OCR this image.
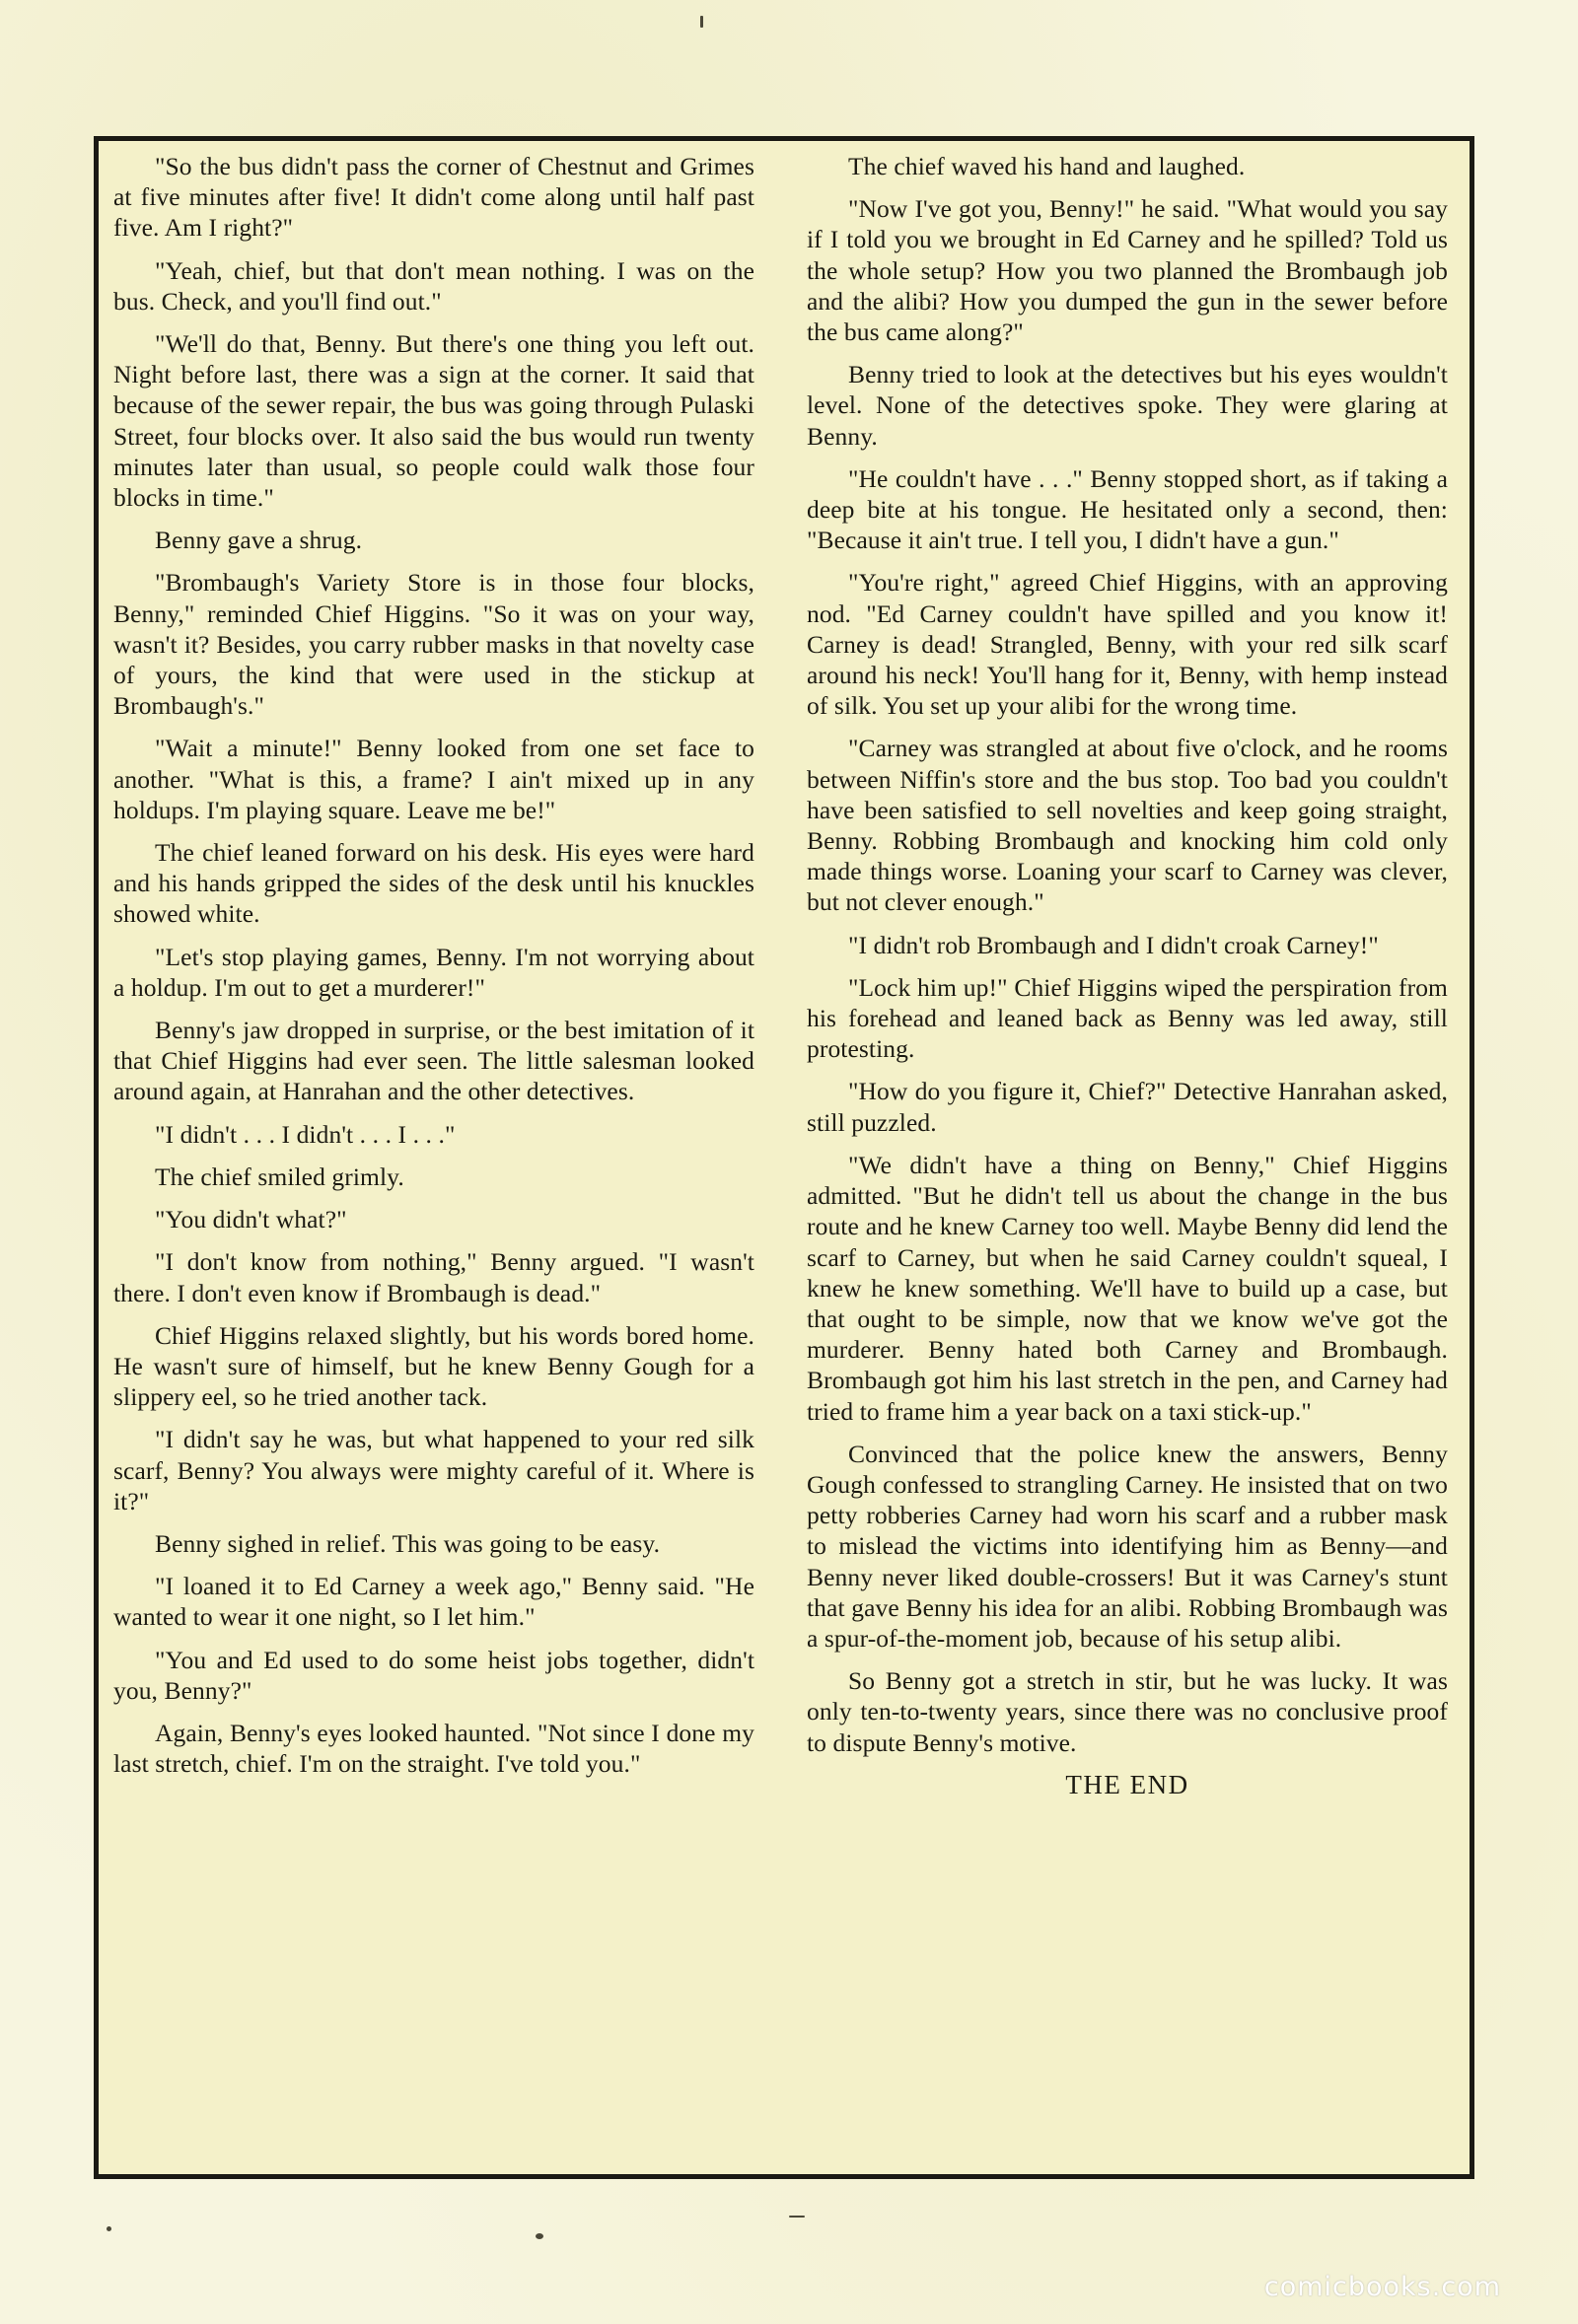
"So the bus didn't pass the corner of Chestnut and Grimes at five minutes after five! It didn't come along until half past five. Am I right?"

"Yeah, chief, but that don't mean nothing. I was on the bus. Check, and you'll find out."

"We'll do that, Benny. But there's one thing you left out. Night before last, there was a sign at the corner. It said that because of the sewer repair, the bus was going through Pulaski Street, four blocks over. It also said the bus would run twenty minutes later than usual, so people could walk those four blocks in time."

Benny gave a shrug.

"Brombaugh's Variety Store is in those four blocks, Benny," reminded Chief Higgins. "So it was on your way, wasn't it? Besides, you carry rubber masks in that novelty case of yours, the kind that were used in the stickup at Brombaugh's."

"Wait a minute!" Benny looked from one set face to another. "What is this, a frame? I ain't mixed up in any holdups. I'm playing square. Leave me be!"

The chief leaned forward on his desk. His eyes were hard and his hands gripped the sides of the desk until his knuckles showed white.

"Let's stop playing games, Benny. I'm not worrying about a holdup. I'm out to get a murderer!"

Benny's jaw dropped in surprise, or the best imitation of it that Chief Higgins had ever seen. The little salesman looked around again, at Hanrahan and the other detectives.

"I didn't . . . I didn't . . . I . . ."

The chief smiled grimly.

"You didn't what?"

"I don't know from nothing," Benny argued. "I wasn't there. I don't even know if Brombaugh is dead."

Chief Higgins relaxed slightly, but his words bored home. He wasn't sure of himself, but he knew Benny Gough for a slippery eel, so he tried another tack.

"I didn't say he was, but what happened to your red silk scarf, Benny? You always were mighty careful of it. Where is it?"

Benny sighed in relief. This was going to be easy.

"I loaned it to Ed Carney a week ago," Benny said. "He wanted to wear it one night, so I let him."

"You and Ed used to do some heist jobs together, didn't you, Benny?"

Again, Benny's eyes looked haunted. "Not since I done my last stretch, chief. I'm on the straight. I've told you."

The chief waved his hand and laughed.

"Now I've got you, Benny!" he said. "What would you say if I told you we brought in Ed Carney and he spilled? Told us the whole setup? How you two planned the Brombaugh job and the alibi? How you dumped the gun in the sewer before the bus came along?"

Benny tried to look at the detectives but his eyes wouldn't level. None of the detectives spoke. They were glaring at Benny.

"He couldn't have . . ." Benny stopped short, as if taking a deep bite at his tongue. He hesitated only a second, then: "Because it ain't true. I tell you, I didn't have a gun."

"You're right," agreed Chief Higgins, with an approving nod. "Ed Carney couldn't have spilled and you know it! Carney is dead! Strangled, Benny, with your red silk scarf around his neck! You'll hang for it, Benny, with hemp instead of silk. You set up your alibi for the wrong time.

"Carney was strangled at about five o'clock, and he rooms between Niffin's store and the bus stop. Too bad you couldn't have been satisfied to sell novelties and keep going straight, Benny. Robbing Brombaugh and knocking him cold only made things worse. Loaning your scarf to Carney was clever, but not clever enough."

"I didn't rob Brombaugh and I didn't croak Carney!"

"Lock him up!" Chief Higgins wiped the perspiration from his forehead and leaned back as Benny was led away, still protesting.

"How do you figure it, Chief?" Detective Hanrahan asked, still puzzled.

"We didn't have a thing on Benny," Chief Higgins admitted. "But he didn't tell us about the change in the bus route and he knew Carney too well. Maybe Benny did lend the scarf to Carney, but when he said Carney couldn't squeal, I knew he knew something. We'll have to build up a case, but that ought to be simple, now that we know we've got the murderer. Benny hated both Carney and Brombaugh. Brombaugh got him his last stretch in the pen, and Carney had tried to frame him a year back on a taxi stick-up."

Convinced that the police knew the answers, Benny Gough confessed to strangling Carney. He insisted that on two petty robberies Carney had worn his scarf and a rubber mask to mislead the victims into identifying him as Benny—and Benny never liked double-crossers! But it was Carney's stunt that gave Benny his idea for an alibi. Robbing Brombaugh was a spur-of-the-moment job, because of his setup alibi.

So Benny got a stretch in stir, but he was lucky. It was only ten-to-twenty years, since there was no conclusive proof to dispute Benny's motive.

THE END

comicbooks.com
